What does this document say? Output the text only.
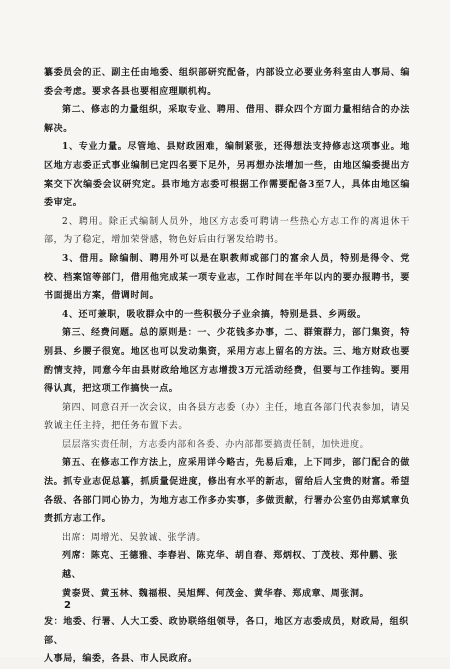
纂委员会的正、副主任由地委、组织部研究配备，内部设立必要业务科室由人事局、编委会考虑。要求各县也要相应理顺机构。

第二、修志的力量组织，采取专业、聘用、借用、群众四个方面力量相结合的办法解决。

1、专业力量。尽管地、县财政困难，编制紧张，还得想法支持修志这项事业。地区地方志委正式事业编制已定四名要下足外，另再想办法增加一些，由地区编委提出方案交下次编委会议研究定。县市地方志委可根据工作需要配备3至7人，具体由地区编委审定。

2、聘用。除正式编制人员外，地区方志委可聘请一些热心方志工作的离退休干部，为了稳定，增加荣誉感，物色好后由行署发给聘书。

3、借用。除编制、聘用外可以是在职教师或部门的富余人员，特别是得令、党校、档案馆等部门，借用他完成某一项专业志，工作时间在半年以内的要办报聘书，要书面提出方案，借调时间。

4、还可兼职，吸收群众中的一些积极分子业余搞，特别是县、乡两级。

第三、经费问题。总的原则是：一、少花钱多办事，二、群策群力，部门集资，特别县、乡腰子很宽。地区也可以发动集资，采用方志上留名的方法。三、地方财政也要酌情支持，同意今年由县财政给地区方志增拨3万元活动经费，但要与工作挂钩。要用得认真，把这项工作搞快一点。

第四、同意召开一次会议，由各县方志委（办）主任，地直各部门代表参加，请吴敦诚主任主持，把任务布置下去。

层层落实责任制，方志委内部和各委、办内部都要搞责任制，加快进度。

第五、在修志工作方法上，应采用详今略古，先易后难，上下同步，部门配合的做法。抓专业志促总纂，抓质量促进度，修出有水平的新志，留给后人宝贵的财富。希望各级、各部门同心协力，为地方志工作多办实事，多做贡献，行署办公室仍由郑斌章负责抓方志工作。

出席：周增光、吴敦诚、张学清。

列席：陈克、王德雅、李春岩、陈克华、胡自春、郑炳权、丁茂枝、郑仲鹏、张越、

黄泰贤、黄玉林、魏福根、吴旭辉、何茂金、黄华春、郑成章、周张洞。

发：地委、行署、人大工委、政协联络组领导，各口，地区方志委成员，财政局，组织部、

人事局，编委，各县、市人民政府。

2
